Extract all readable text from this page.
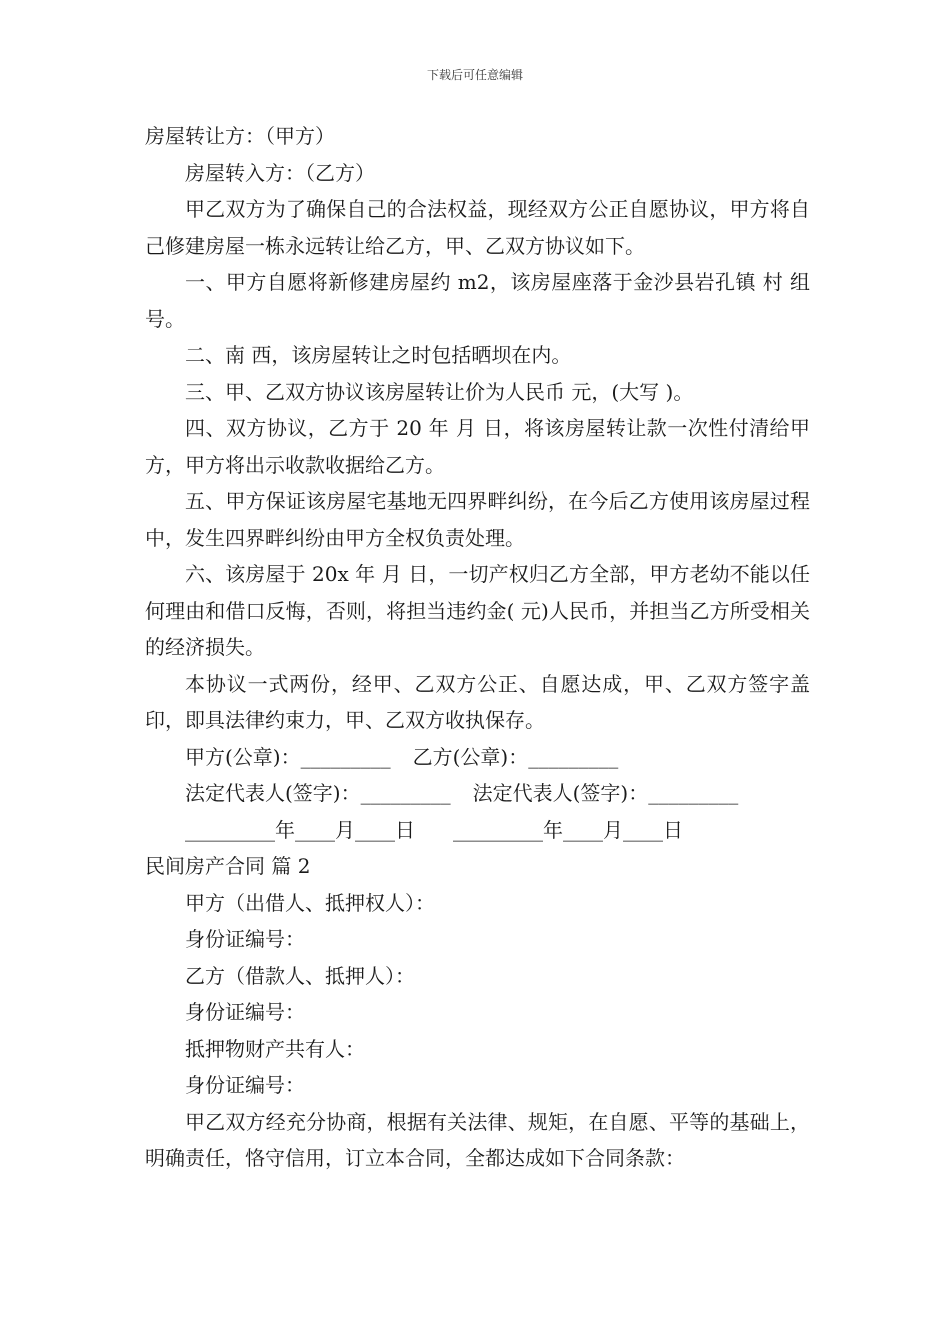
下载后可任意编辑

房屋转让方：（甲方）

房屋转入方：（乙方）

甲乙双方为了确保自己的合法权益，现经双方公正自愿协议，甲方将自己修建房屋一栋永远转让给乙方，甲、乙双方协议如下。

一、甲方自愿将新修建房屋约 m2，该房屋座落于金沙县岩孔镇 村 组 号。

二、南 西，该房屋转让之时包括晒坝在内。

三、甲、乙双方协议该房屋转让价为人民币 元，(大写 )。

四、双方协议，乙方于 20 年 月 日，将该房屋转让款一次性付清给甲方，甲方将出示收款收据给乙方。

五、甲方保证该房屋宅基地无四界畔纠纷，在今后乙方使用该房屋过程中，发生四界畔纠纷由甲方全权负责处理。

六、该房屋于 20x 年 月 日，一切产权归乙方全部，甲方老幼不能以任何理由和借口反悔，否则，将担当违约金( 元)人民币，并担当乙方所受相关的经济损失。

本协议一式两份，经甲、乙双方公正、自愿达成，甲、乙双方签字盖印，即具法律约束力，甲、乙双方收执保存。

甲方(公章)：_________ 乙方(公章)：_________

法定代表人(签字)：_________ 法定代表人(签字)：_________

_________年____月____日 _________年____月____日

民间房产合同 篇 2

甲方（出借人、抵押权人）：

身份证编号：

乙方（借款人、抵押人）：

身份证编号：

抵押物财产共有人：

身份证编号：

甲乙双方经充分协商，根据有关法律、规矩，在自愿、平等的基础上，明确责任，恪守信用，订立本合同，全都达成如下合同条款：
